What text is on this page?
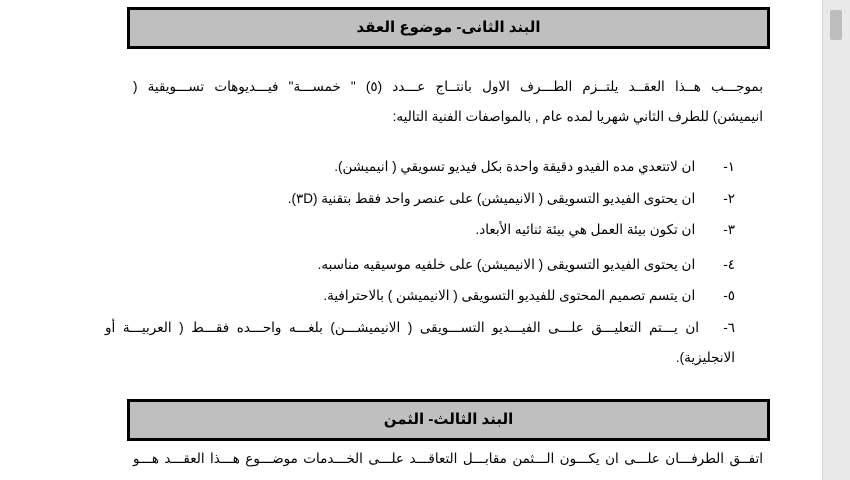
البند الثانى- موضوع العقد
بموجـــب هــذا العقــد يلتــزم الطـــرف الاول بانتــاج عـــدد (٥) " خمســـة" فيـــديوهات تســـويقية (
انيميشن) للطرف الثاني شهريا لمده عام , بالمواصفات الفنية التاليه:
١- ان لاتتعدي مده الفيدو دقيقة واحدة بكل فيديو تسويقي ( انيميشن).
٢- ان يحتوى الفيديو التسويقى ( الانيميشن) على عنصر واحد فقط بتقنية (٣D).
٣- ان تكون بيئة العمل هي بيئة ثنائيه الأبعاد.
٤- ان يحتوى الفيديو التسويقى ( الانيميشن) على خلفيه موسيقيه مناسبه.
٥- ان يتسم تصميم المحتوى للفيديو التسويقى ( الانيميشن ) بالاحترافية.
٦-ان يـــتم التعليـــق علـــى الفيـــديو التســـويقى ( الانيميشـــن) بلغـــه واحـــده فقـــط ( العربيـــة أو
الانجليزية).
البند الثالث- الثمن
اتفــق الطرفـــان علـــى ان يكـــون الـــثمن مقابـــل التعاقـــد علـــى الخـــدمات موضـــوع هـــذا العقـــد هـــو
